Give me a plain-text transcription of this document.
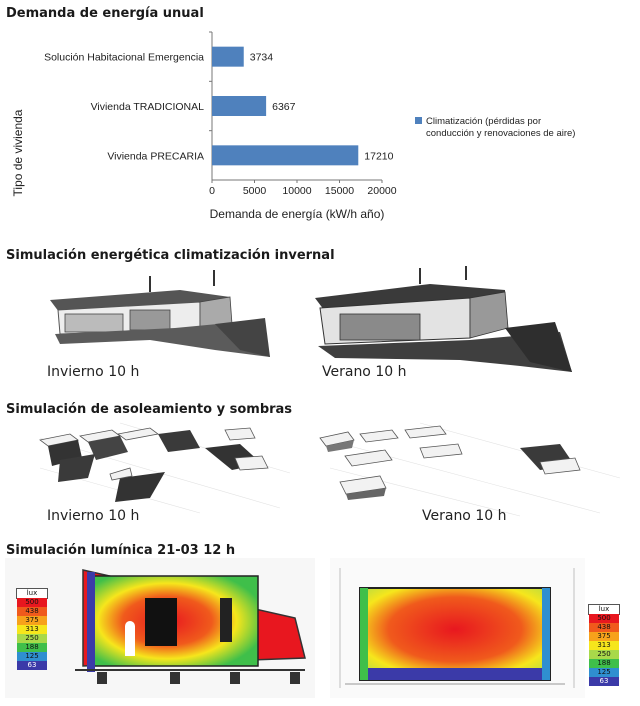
Demanda de energía unual
0	5000 10000 15000 20000
Solución Habitacional Emergencia	3734
Vivienda TRADICIONAL	6367
Vivienda PRECARIA	17210
Tipo de vivienda
Demanda de energía (kW/h año)
Climatización (pérdidas por
conducción y renovaciones de aire)
Simulación energética climatización invernal
Invierno 10 h	Verano 10 h
Simulación de asoleamiento y sombras
Invierno 10 h	Verano 10 h
Simulación lumínica 21-03 12 h
lux
500
438
375
313
250
188
125
63
lux
500
438
375
313
250
188
125
63
